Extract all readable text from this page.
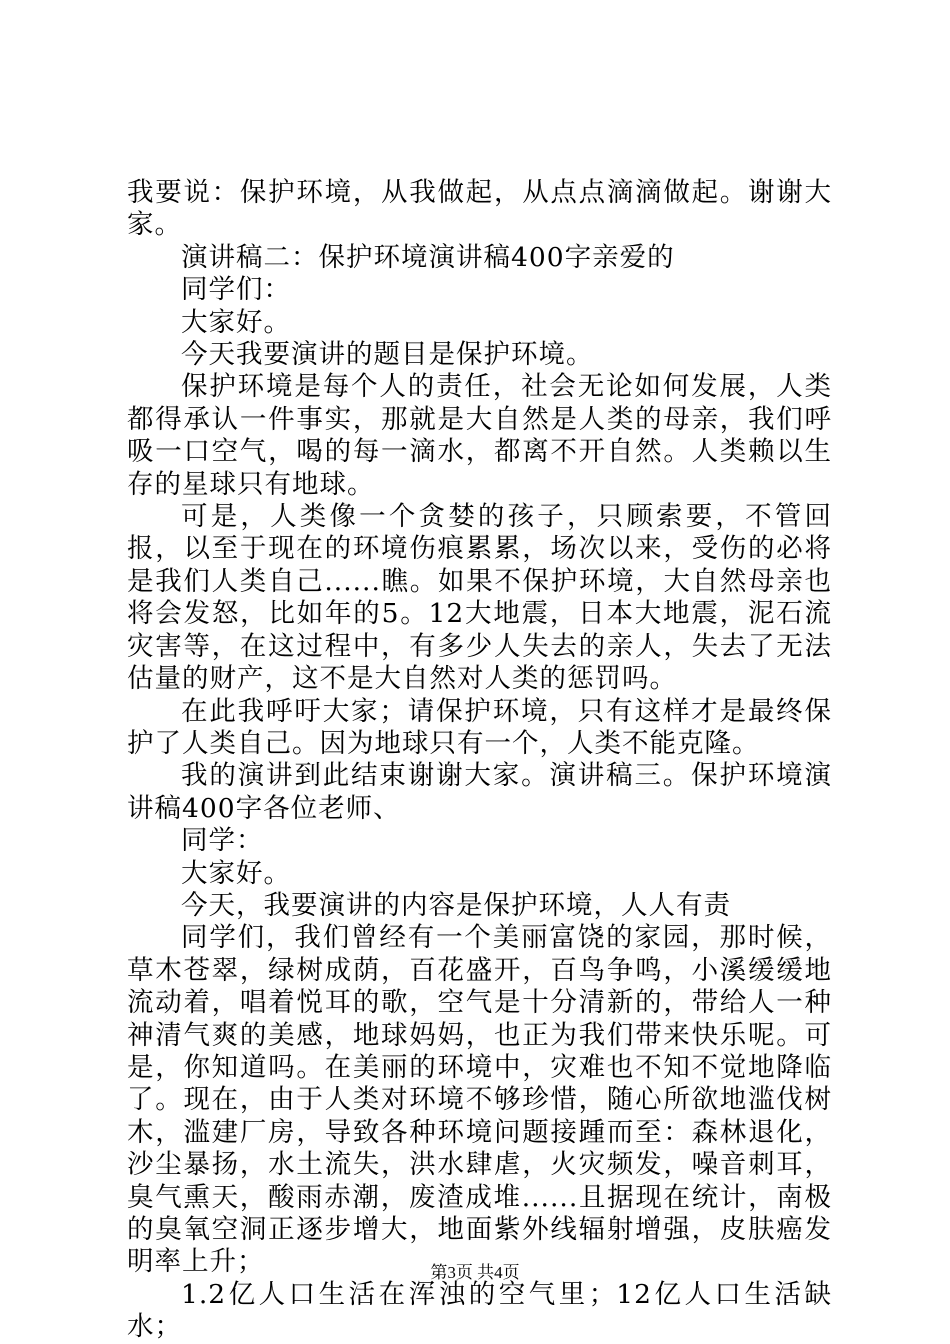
我要说：保护环境，从我做起，从点点滴滴做起。谢谢大家。

演讲稿二：保护环境演讲稿400字亲爱的

同学们：

大家好。

今天我要演讲的题目是保护环境。

保护环境是每个人的责任，社会无论如何发展，人类都得承认一件事实，那就是大自然是人类的母亲，我们呼吸一口空气，喝的每一滴水，都离不开自然。人类赖以生存的星球只有地球。

可是，人类像一个贪婪的孩子，只顾索要，不管回报，以至于现在的环境伤痕累累，场次以来，受伤的必将是我们人类自己......瞧。如果不保护环境，大自然母亲也将会发怒，比如年的5。12大地震，日本大地震，泥石流灾害等，在这过程中，有多少人失去的亲人，失去了无法估量的财产，这不是大自然对人类的惩罚吗。

在此我呼吁大家；请保护环境，只有这样才是最终保护了人类自己。因为地球只有一个，人类不能克隆。

我的演讲到此结束谢谢大家。演讲稿三。保护环境演讲稿400字各位老师、

同学：

大家好。

今天，我要演讲的内容是保护环境，人人有责

同学们，我们曾经有一个美丽富饶的家园，那时候，草木苍翠，绿树成荫，百花盛开，百鸟争鸣，小溪缓缓地流动着，唱着悦耳的歌，空气是十分清新的，带给人一种神清气爽的美感，地球妈妈，也正为我们带来快乐呢。可是，你知道吗。在美丽的环境中，灾难也不知不觉地降临了。现在，由于人类对环境不够珍惜，随心所欲地滥伐树木，滥建厂房，导致各种环境问题接踵而至：森林退化，沙尘暴扬，水土流失，洪水肆虐，火灾频发，噪音刺耳，臭气熏天，酸雨赤潮，废渣成堆......且据现在统计，南极的臭氧空洞正逐步增大，地面紫外线辐射增强，皮肤癌发明率上升；

1.2亿人口生活在浑浊的空气里；12亿人口生活缺水；

第3页 共4页
